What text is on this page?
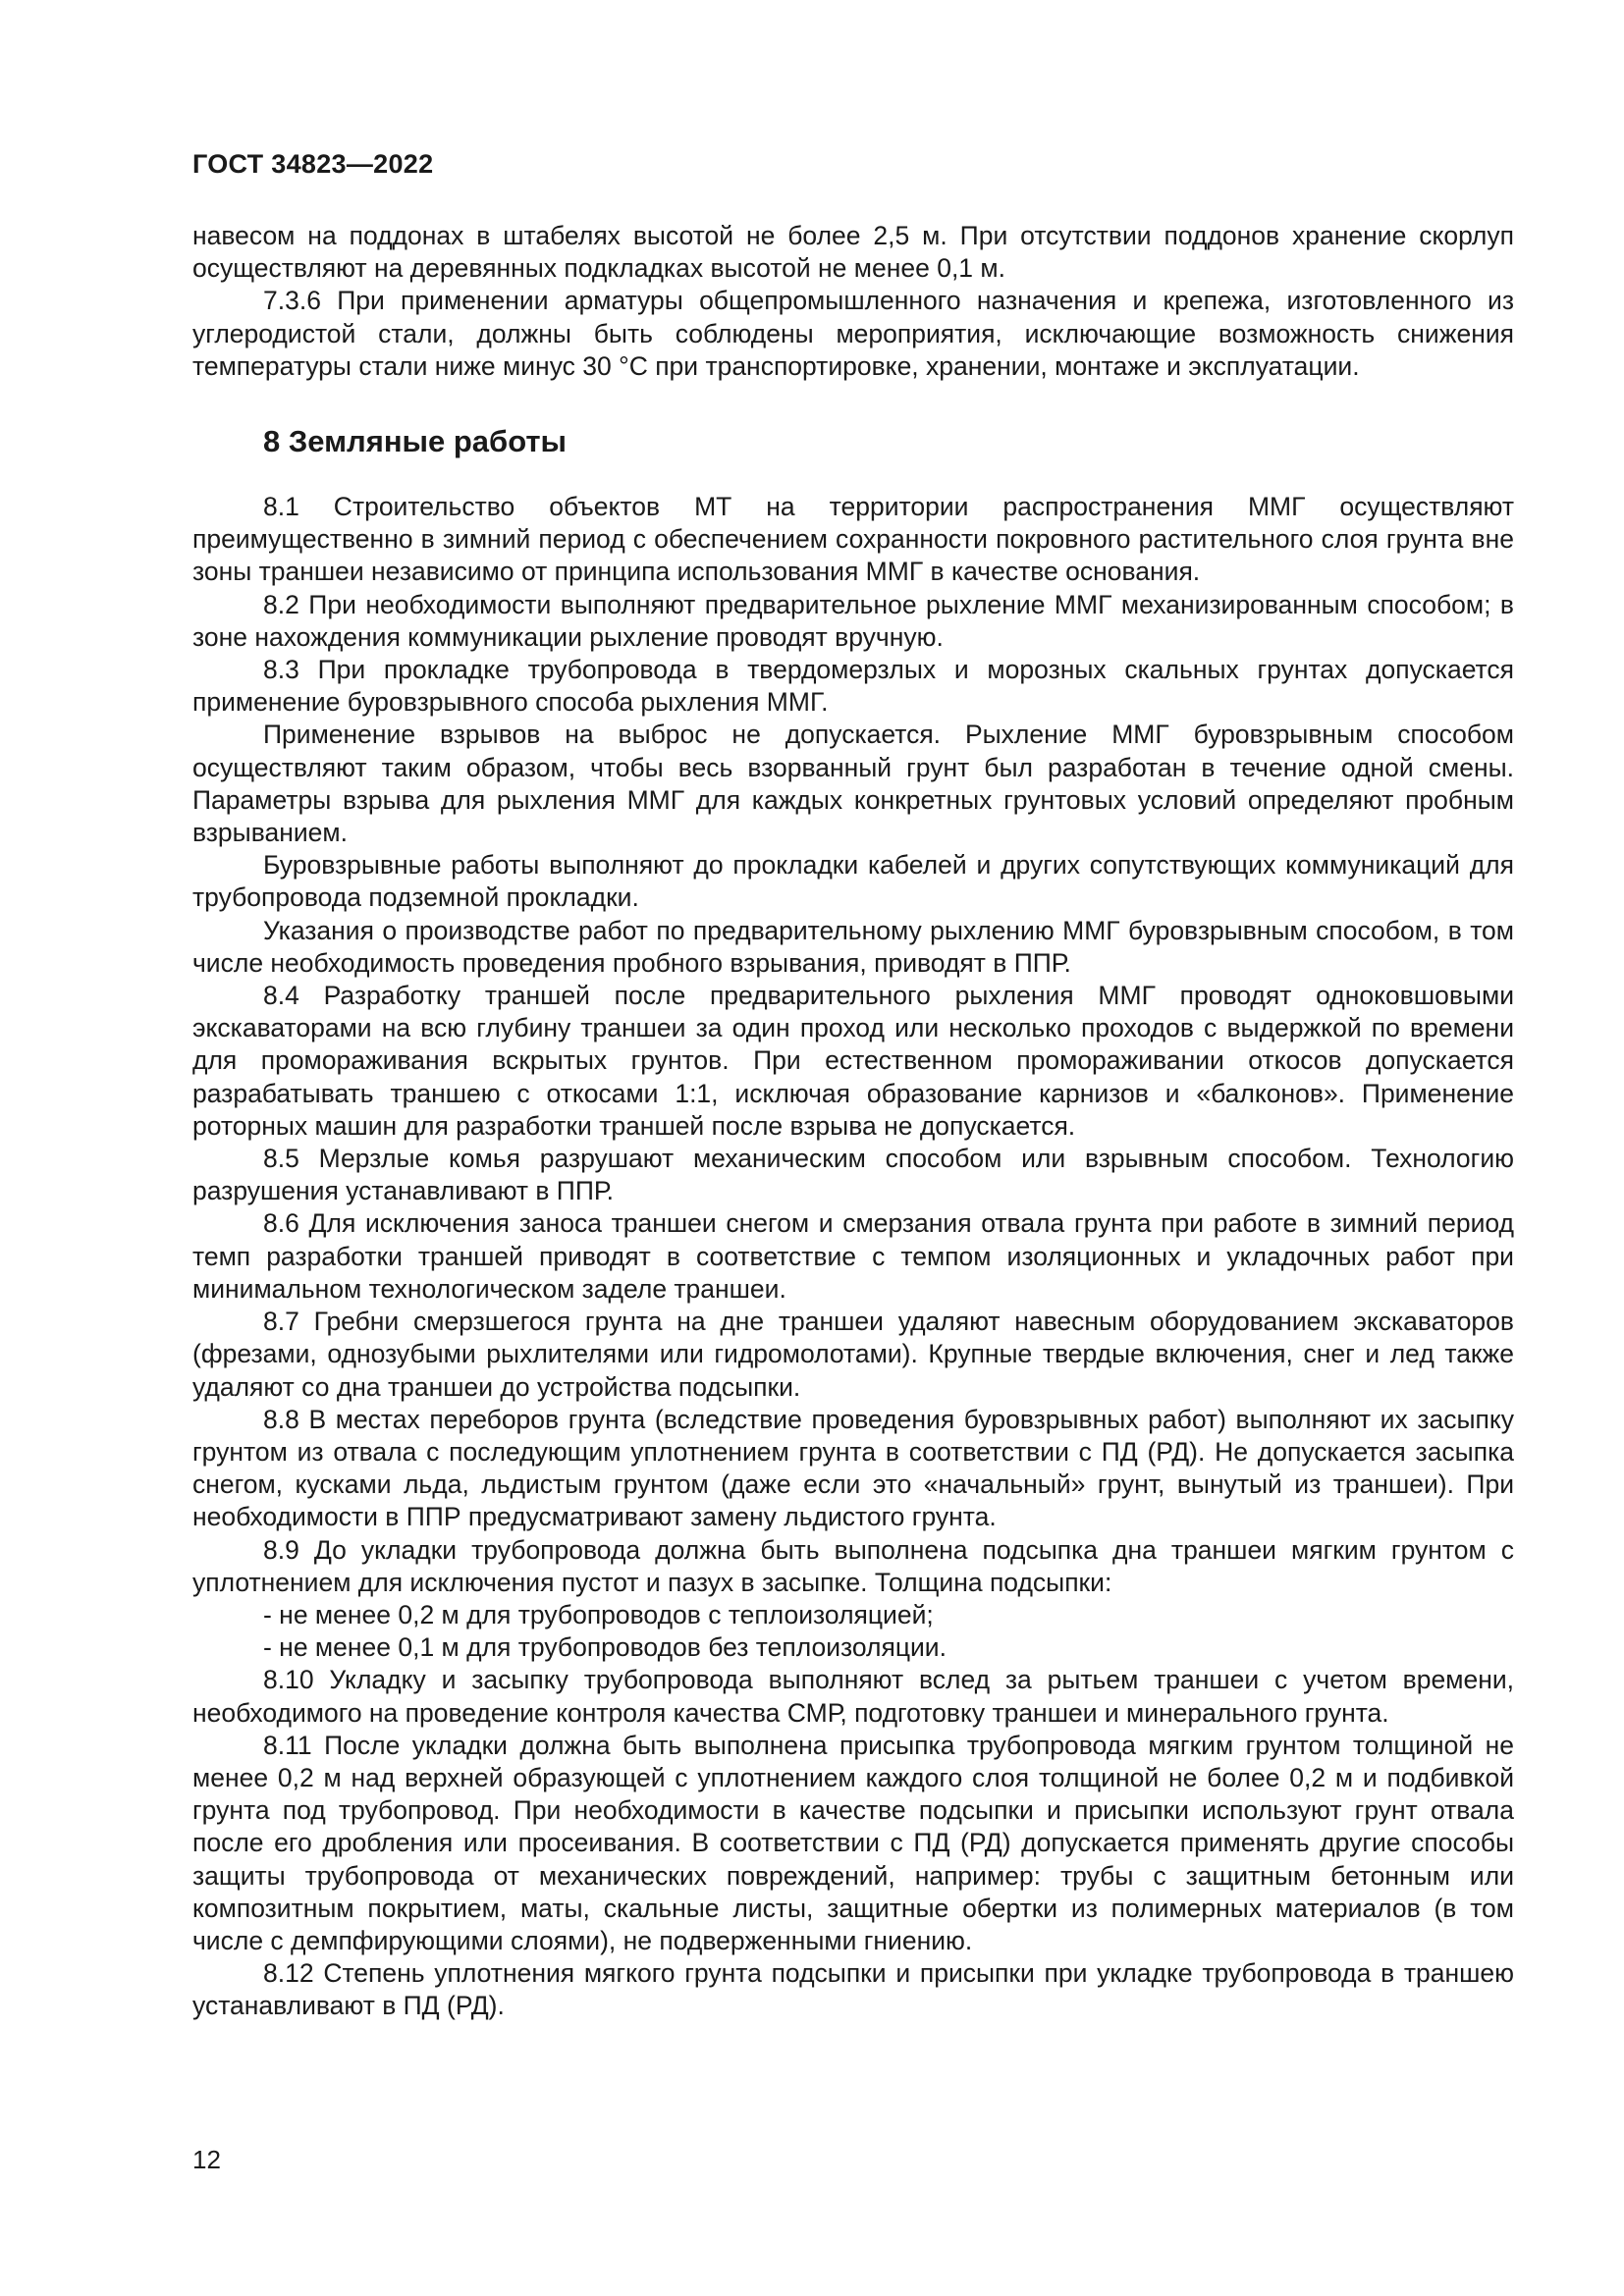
ГОСТ 34823—2022

навесом на поддонах в штабелях высотой не более 2,5 м. При отсутствии поддонов хранение скорлуп осуществляют на деревянных подкладках высотой не менее 0,1 м.

7.3.6 При применении арматуры общепромышленного назначения и крепежа, изготовленного из углеродистой стали, должны быть соблюдены мероприятия, исключающие возможность снижения температуры стали ниже минус 30 °С при транспортировке, хранении, монтаже и эксплуатации.

8 Земляные работы

8.1 Строительство объектов МТ на территории распространения ММГ осуществляют преимущественно в зимний период с обеспечением сохранности покровного растительного слоя грунта вне зоны траншеи независимо от принципа использования ММГ в качестве основания.

8.2 При необходимости выполняют предварительное рыхление ММГ механизированным способом; в зоне нахождения коммуникации рыхление проводят вручную.

8.3 При прокладке трубопровода в твердомерзлых и морозных скальных грунтах допускается применение буровзрывного способа рыхления ММГ.

Применение взрывов на выброс не допускается. Рыхление ММГ буровзрывным способом осуществляют таким образом, чтобы весь взорванный грунт был разработан в течение одной смены. Параметры взрыва для рыхления ММГ для каждых конкретных грунтовых условий определяют пробным взрыванием.

Буровзрывные работы выполняют до прокладки кабелей и других сопутствующих коммуникаций для трубопровода подземной прокладки.

Указания о производстве работ по предварительному рыхлению ММГ буровзрывным способом, в том числе необходимость проведения пробного взрывания, приводят в ППР.

8.4 Разработку траншей после предварительного рыхления ММГ проводят одноковшовыми экскаваторами на всю глубину траншеи за один проход или несколько проходов с выдержкой по времени для промораживания вскрытых грунтов. При естественном промораживании откосов допускается разрабатывать траншею с откосами 1:1, исключая образование карнизов и «балконов». Применение роторных машин для разработки траншей после взрыва не допускается.

8.5 Мерзлые комья разрушают механическим способом или взрывным способом. Технологию разрушения устанавливают в ППР.

8.6 Для исключения заноса траншеи снегом и смерзания отвала грунта при работе в зимний период темп разработки траншей приводят в соответствие с темпом изоляционных и укладочных работ при минимальном технологическом заделе траншеи.

8.7 Гребни смерзшегося грунта на дне траншеи удаляют навесным оборудованием экскаваторов (фрезами, однозубыми рыхлителями или гидромолотами). Крупные твердые включения, снег и лед также удаляют со дна траншеи до устройства подсыпки.

8.8 В местах переборов грунта (вследствие проведения буровзрывных работ) выполняют их засыпку грунтом из отвала с последующим уплотнением грунта в соответствии с ПД (РД). Не допускается засыпка снегом, кусками льда, льдистым грунтом (даже если это «начальный» грунт, вынутый из траншеи). При необходимости в ППР предусматривают замену льдистого грунта.

8.9 До укладки трубопровода должна быть выполнена подсыпка дна траншеи мягким грунтом с уплотнением для исключения пустот и пазух в засыпке. Толщина подсыпки:

- не менее 0,2 м для трубопроводов с теплоизоляцией;

- не менее 0,1 м для трубопроводов без теплоизоляции.

8.10 Укладку и засыпку трубопровода выполняют вслед за рытьем траншеи с учетом времени, необходимого на проведение контроля качества СМР, подготовку траншеи и минерального грунта.

8.11 После укладки должна быть выполнена присыпка трубопровода мягким грунтом толщиной не менее 0,2 м над верхней образующей с уплотнением каждого слоя толщиной не более 0,2 м и подбивкой грунта под трубопровод. При необходимости в качестве подсыпки и присыпки используют грунт отвала после его дробления или просеивания. В соответствии с ПД (РД) допускается применять другие способы защиты трубопровода от механических повреждений, например: трубы с защитным бетонным или композитным покрытием, маты, скальные листы, защитные обертки из полимерных материалов (в том числе с демпфирующими слоями), не подверженными гниению.

8.12 Степень уплотнения мягкого грунта подсыпки и присыпки при укладке трубопровода в траншею устанавливают в ПД (РД).

12
